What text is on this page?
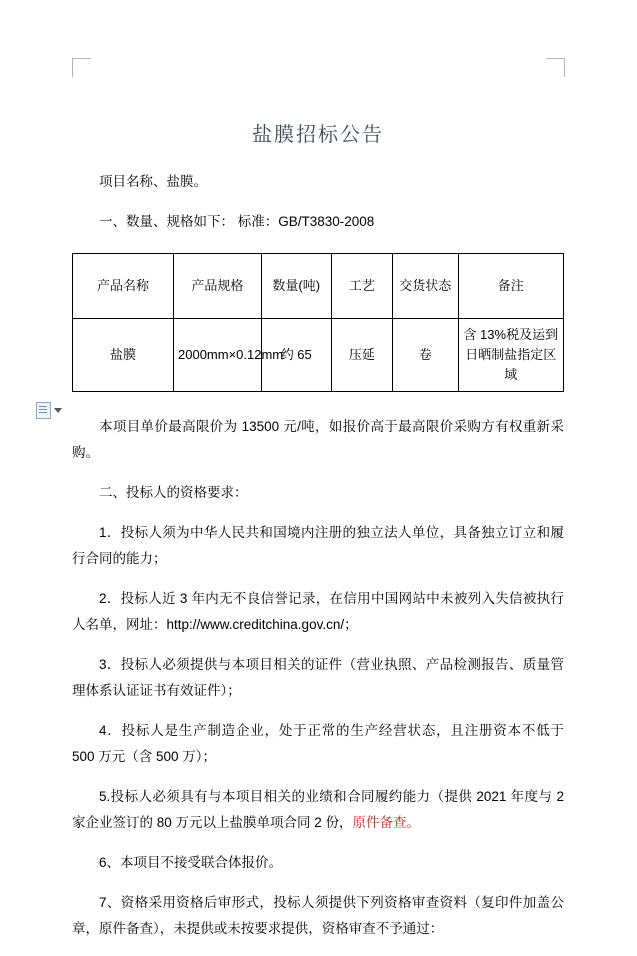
盐膜招标公告

项目名称、盐膜。

一、数量、规格如下： 标准：GB/T3830-2008

产品名称	产品规格	数量(吨)	工艺	交货状态	备注
盐膜	2000mm×0.12mm	约 65	压延	卷	含 13%税及运到日晒制盐指定区域

本项目单价最高限价为 13500 元/吨，如报价高于最高限价采购方有权重新采购。

二、投标人的资格要求：

1．投标人须为中华人民共和国境内注册的独立法人单位，具备独立订立和履行合同的能力；

2．投标人近 3 年内无不良信誉记录，在信用中国网站中未被列入失信被执行人名单，网址：http://www.creditchina.gov.cn/；

3．投标人必须提供与本项目相关的证件（营业执照、产品检测报告、质量管理体系认证证书有效证件）；

4．投标人是生产制造企业，处于正常的生产经营状态，且注册资本不低于 500 万元（含 500 万）；

5.投标人必须具有与本项目相关的业绩和合同履约能力（提供 2021 年度与 2 家企业签订的 80 万元以上盐膜单项合同 2 份，原件备查。

6、本项目不接受联合体报价。

7、资格采用资格后审形式，投标人须提供下列资格审查资料（复印件加盖公章，原件备查），未提供或未按要求提供，资格审查不予通过：
